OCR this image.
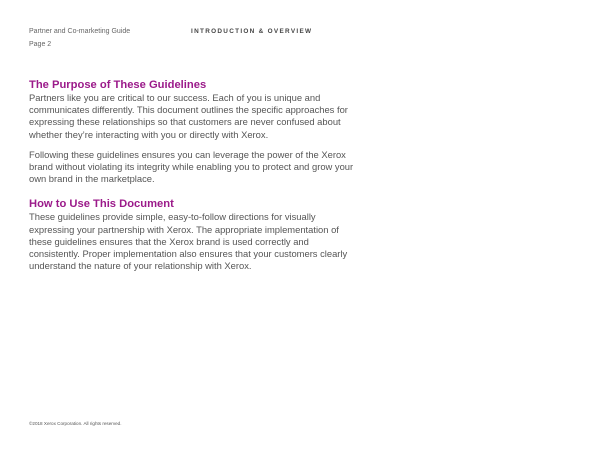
Partner and Co-marketing Guide
Page 2
INTRODUCTION & OVERVIEW
The Purpose of These Guidelines

Partners like you are critical to our success. Each of you is unique and communicates differently. This document outlines the specific approaches for expressing these relationships so that customers are never confused about whether they’re interacting with you or directly with Xerox.

Following these guidelines ensures you can leverage the power of the Xerox brand without violating its integrity while enabling you to protect and grow your own brand in the marketplace.

How to Use This Document

These guidelines provide simple, easy-to-follow directions for visually expressing your partnership with Xerox. The appropriate implementation of these guidelines ensures that the Xerox brand is used correctly and consistently. Proper implementation also ensures that your customers clearly understand the nature of your relationship with Xerox.

©2018 Xerox Corporation. All rights reserved.
